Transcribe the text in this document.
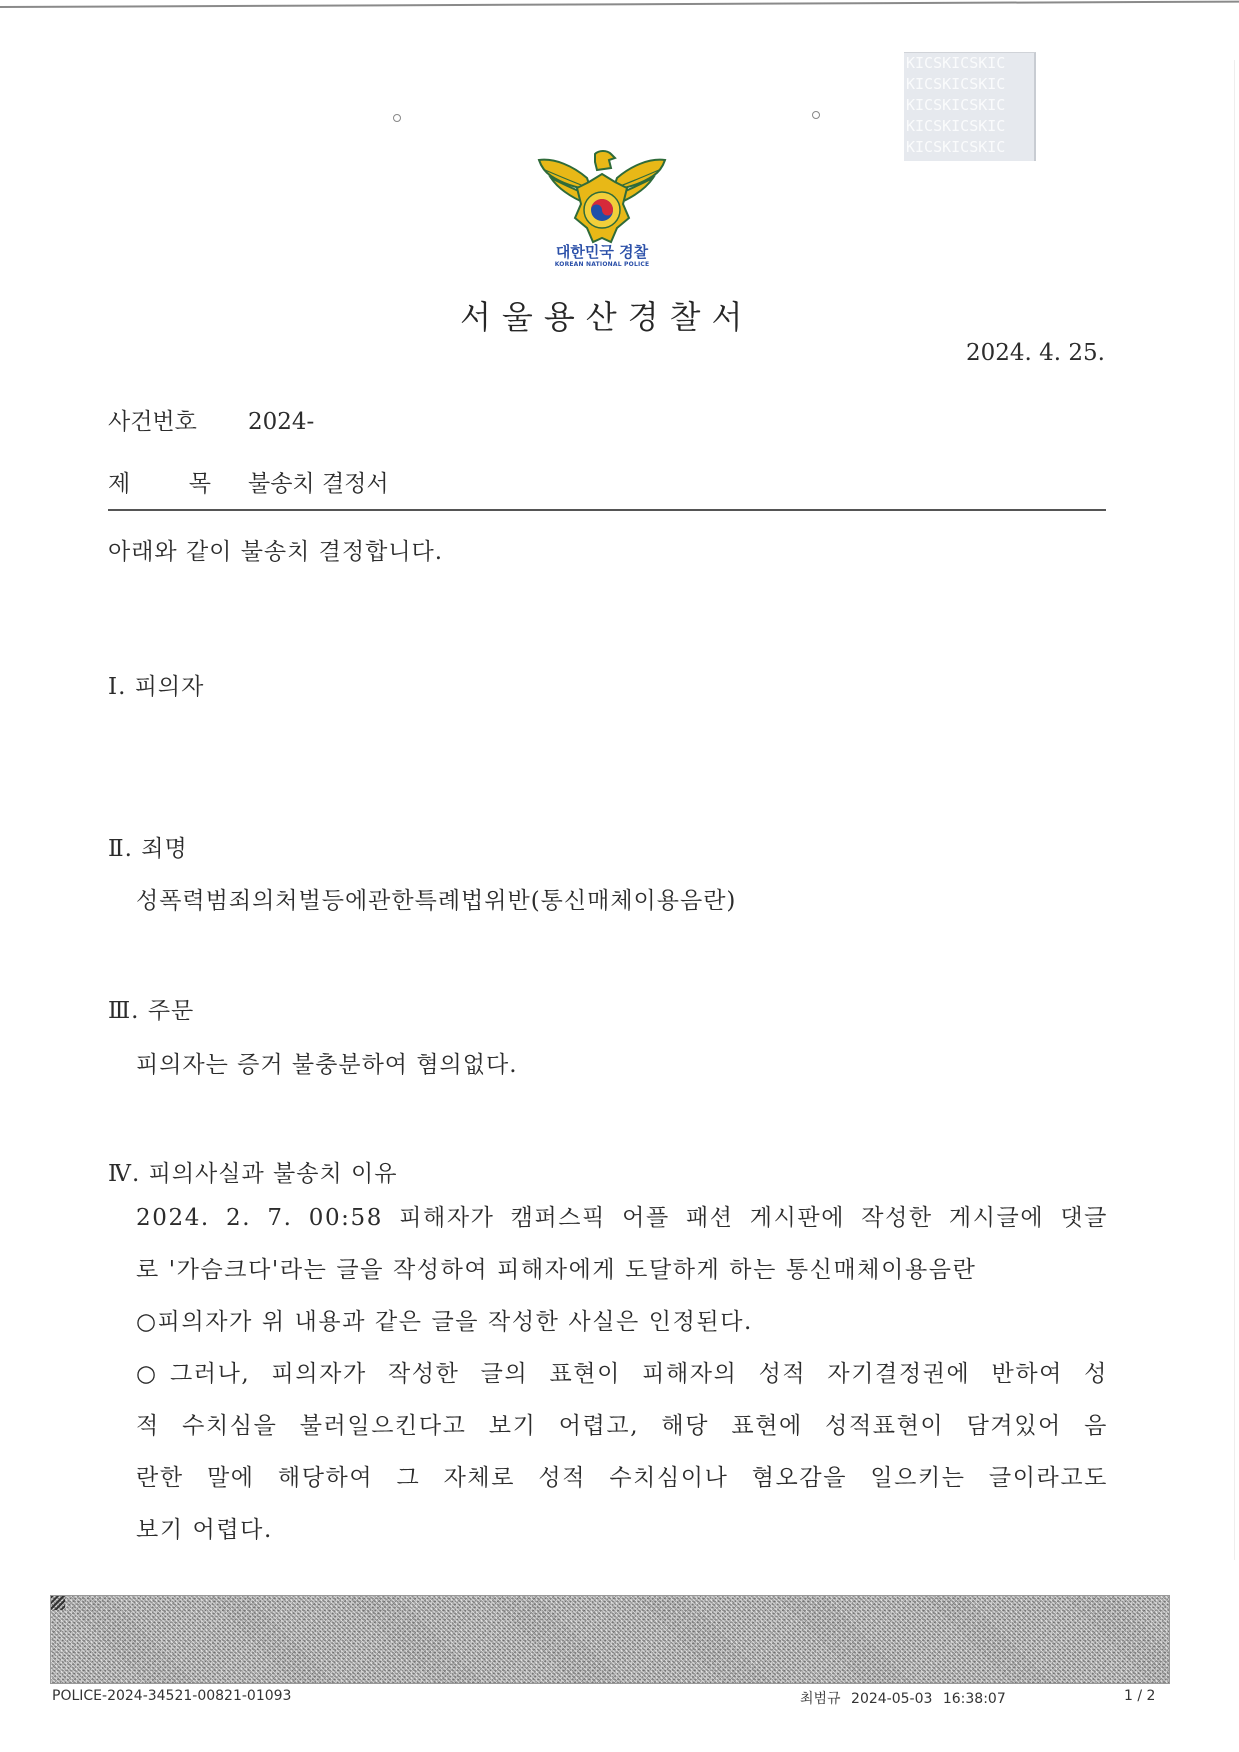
KICSKICSKIC
KICSKICSKIC
KICSKICSKIC
KICSKICSKIC
KICSKICSKIC
대한민국 경찰
KOREAN NATIONAL POLICE
서울용산경찰서
2024. 4. 25.
사건번호 2024-
제        목 불송치 결정서
아래와 같이 불송치 결정합니다.
Ⅰ. 피의자
Ⅱ. 죄명
성폭력범죄의처벌등에관한특례법위반(통신매체이용음란)
Ⅲ. 주문
피의자는 증거 불충분하여 혐의없다.
Ⅳ. 피의사실과 불송치 이유
2024. 2. 7. 00:58 피해자가 캠퍼스픽 어플 패션 게시판에 작성한 게시글에 댓글
로 '가슴크다'라는 글을 작성하여 피해자에게 도달하게 하는 통신매체이용음란
○피의자가 위 내용과 같은 글을 작성한 사실은 인정된다.
○그러나, 피의자가 작성한 글의 표현이 피해자의 성적 자기결정권에 반하여 성
적 수치심을 불러일으킨다고 보기 어렵고, 해당 표현에 성적표현이 담겨있어 음
란한 말에 해당하여 그 자체로 성적 수치심이나 혐오감을 일으키는 글이라고도
보기 어렵다.
POLICE-2024-34521-00821-01093	최범규 2024-05-03 16:38:07	1 / 2
